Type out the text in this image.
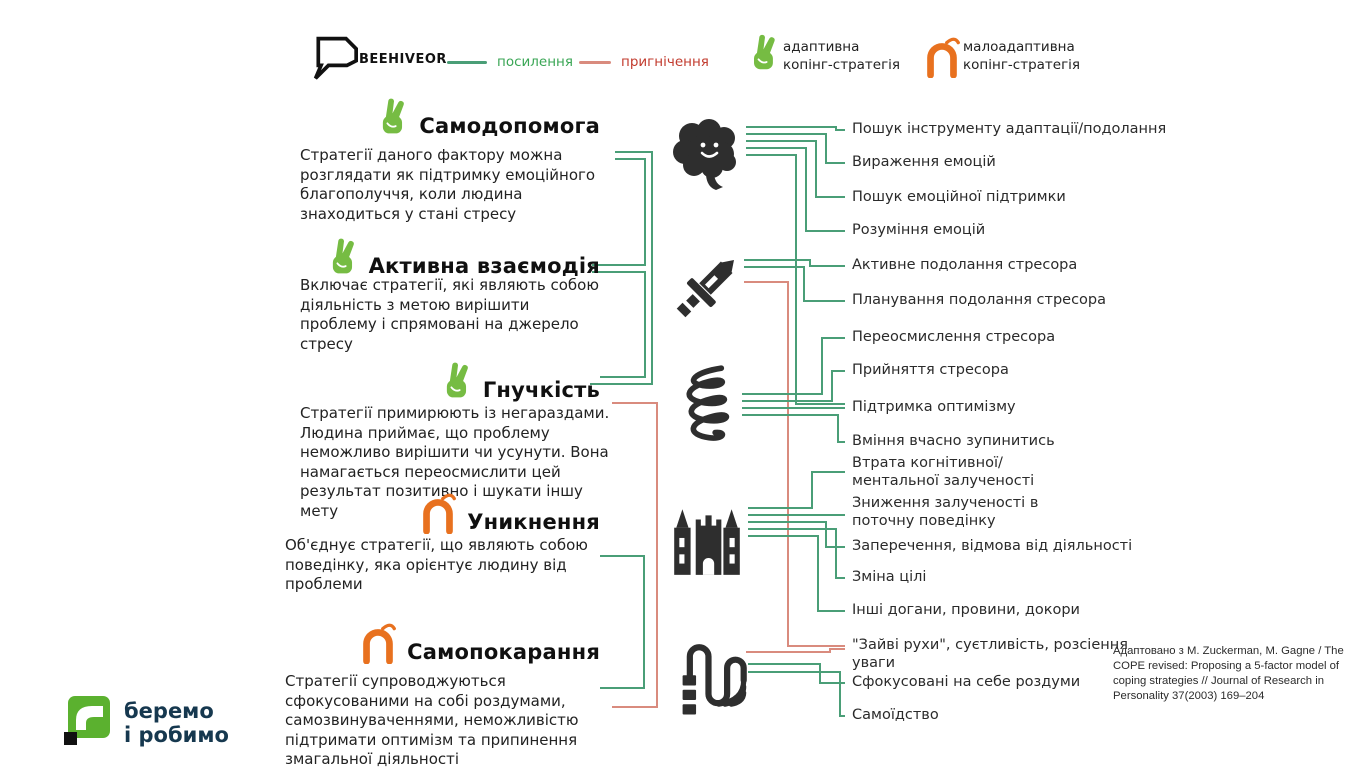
BEEHIVEOR	посилення	пригнічення
адаптивна копінг-стратегія
малоадаптивна копінг-стратегія
Самодопомога
Стратегії даного фактору можна розглядати як підтримку емоційного благополуччя, коли людина знаходиться у стані стресу
Активна взаємодія
Включає стратегії, які являють собою діяльність з метою вирішити проблему і спрямовані на джерело стресу
Гнучкість
Стратегії примирюють із негараздами. Людина приймає, що проблему неможливо вирішити чи усунути. Вона намагається переосмислити цей результат позитивно і шукати іншу мету	Уникнення
Об'єднує стратегії, що являють собою поведінку, яка орієнтує людину від проблеми
Самопокарання
Стратегії супроводжуються сфокусованими на собі роздумами, самозвинуваченнями, неможливістю підтримати оптимізм та припинення змагальної діяльності
Пошук інструменту адаптації/подолання
Вираження емоцій
Пошук емоційної підтримки
Розуміння емоцій
Активне подолання стресора
Планування подолання стресора
Переосмислення стресора
Прийняття стресора
Підтримка оптимізму
Вміння вчасно зупинитись
Втрата когнітивної/ментальної залученості
Зниження залученості в поточну поведінку
Заперечення, відмова від діяльності
Зміна цілі
Інші догани, провини, докори
"Зайві рухи", суєтливість, розсіення уваги
Сфокусовані на себе роздуми
Самоїдство
Адаптовано з M. Zuckerman, M. Gagne / The COPE revised: Proposing a 5-factor model of coping strategies // Journal of Research in Personality 37(2003) 169–204
беремо
і робимо
